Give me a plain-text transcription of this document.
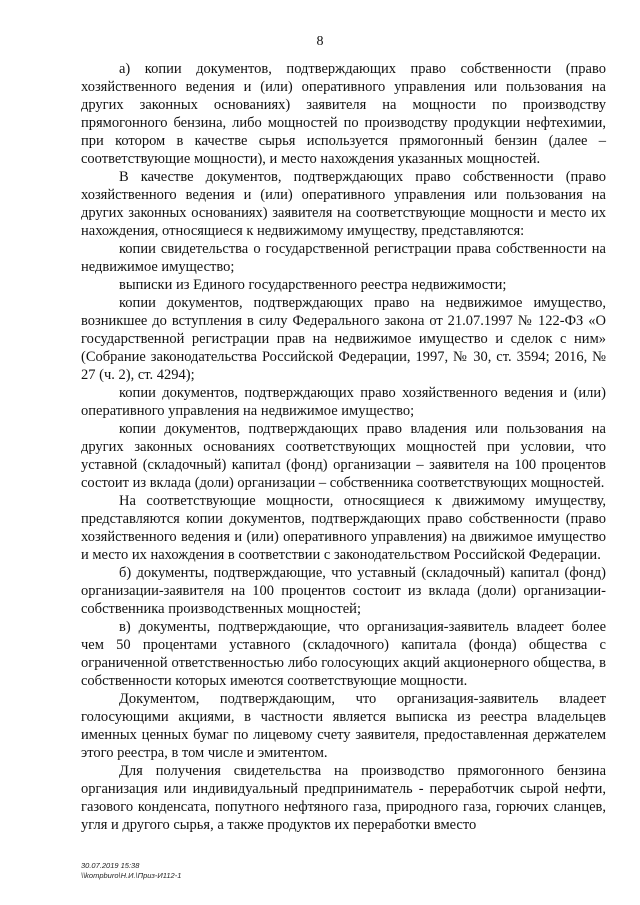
8

а) копии документов, подтверждающих право собственности (право хозяйственного ведения и (или) оперативного управления или пользования на других законных основаниях) заявителя на мощности по производству прямогонного бензина, либо мощностей по производству продукции нефтехимии, при котором в качестве сырья используется прямогонный бензин (далее – соответствующие мощности), и место нахождения указанных мощностей.

В качестве документов, подтверждающих право собственности (право хозяйственного ведения и (или) оперативного управления или пользования на других законных основаниях) заявителя на соответствующие мощности и место их нахождения, относящиеся к недвижимому имуществу, представляются:

копии свидетельства о государственной регистрации права собственности на недвижимое имущество;

выписки из Единого государственного реестра недвижимости;

копии документов, подтверждающих право на недвижимое имущество, возникшее до вступления в силу Федерального закона от 21.07.1997 № 122-ФЗ «О государственной регистрации прав на недвижимое имущество и сделок с ним» (Собрание законодательства Российской Федерации, 1997, № 30, ст. 3594; 2016, № 27 (ч. 2), ст. 4294);

копии документов, подтверждающих право хозяйственного ведения и (или) оперативного управления на недвижимое имущество;

копии документов, подтверждающих право владения или пользования на других законных основаниях соответствующих мощностей при условии, что уставной (складочный) капитал (фонд) организации – заявителя на 100 процентов состоит из вклада (доли) организации – собственника соответствующих мощностей.

На соответствующие мощности, относящиеся к движимому имуществу, представляются копии документов, подтверждающих право собственности (право хозяйственного ведения и (или) оперативного управления) на движимое имущество и место их нахождения в соответствии с законодательством Российской Федерации.

б) документы, подтверждающие, что уставный (складочный) капитал (фонд) организации-заявителя на 100 процентов состоит из вклада (доли) организации-собственника производственных мощностей;

в) документы, подтверждающие, что организация-заявитель владеет более чем 50 процентами уставного (складочного) капитала (фонда) общества с ограниченной ответственностью либо голосующих акций акционерного общества, в собственности которых имеются соответствующие мощности.

Документом, подтверждающим, что организация-заявитель владеет голосующими акциями, в частности является выписка из реестра владельцев именных ценных бумаг по лицевому счету заявителя, предоставленная держателем этого реестра, в том числе и эмитентом.

Для получения свидетельства на производство прямогонного бензина организация или индивидуальный предприниматель - переработчик сырой нефти, газового конденсата, попутного нефтяного газа, природного газа, горючих сланцев, угля и другого сырья, а также продуктов их переработки вместо

30.07.2019 15:38
\\kompburo\Н.И.\Приз-И112-1
